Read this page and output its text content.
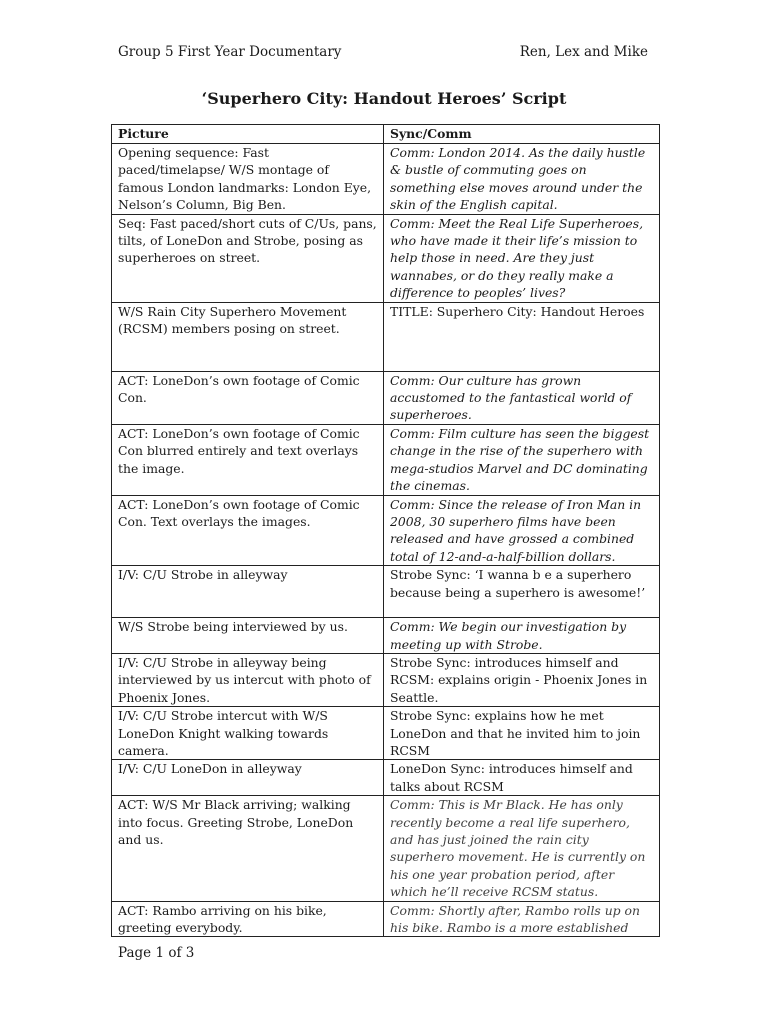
Group 5 First Year Documentary	Ren, Lex and Mike
‘Superhero City: Handout Heroes’ Script
Picture	Sync/Comm
Opening sequence: Fast paced/timelapse/ W/S montage of famous London landmarks: London Eye, Nelson’s Column, Big Ben.	Comm: London 2014. As the daily hustle & bustle of commuting goes on something else moves around under the skin of the English capital.
Seq: Fast paced/short cuts of C/Us, pans, tilts, of LoneDon and Strobe, posing as superheroes on street.	Comm: Meet the Real Life Superheroes, who have made it their life’s mission to help those in need. Are they just wannabes, or do they really make a difference to peoples’ lives?
W/S Rain City Superhero Movement (RCSM) members posing on street.	TITLE: Superhero City: Handout Heroes
ACT: LoneDon’s own footage of Comic Con.	Comm: Our culture has grown accustomed to the fantastical world of superheroes.
ACT: LoneDon’s own footage of Comic Con blurred entirely and text overlays the image.	Comm: Film culture has seen the biggest change in the rise of the superhero with mega-studios Marvel and DC dominating the cinemas.
ACT: LoneDon’s own footage of Comic Con. Text overlays the images.	Comm: Since the release of Iron Man in 2008, 30 superhero films have been released and have grossed a combined total of 12-and-a-half-billion dollars.
I/V: C/U Strobe in alleyway	Strobe Sync: ‘I wanna b e a superhero because being a superhero is awesome!’
W/S Strobe being interviewed by us.	Comm: We begin our investigation by meeting up with Strobe.
I/V: C/U Strobe in alleyway being interviewed by us intercut with photo of Phoenix Jones.	Strobe Sync: introduces himself and RCSM: explains origin - Phoenix Jones in Seattle.
I/V: C/U Strobe intercut with W/S LoneDon Knight walking towards camera.	Strobe Sync: explains how he met LoneDon and that he invited him to join RCSM
I/V: C/U LoneDon in alleyway	LoneDon Sync: introduces himself and talks about RCSM
ACT: W/S Mr Black arriving; walking into focus. Greeting Strobe, LoneDon and us.	Comm: This is Mr Black. He has only recently become a real life superhero, and has just joined the rain city superhero movement. He is currently on his one year probation period, after which he’ll receive RCSM status.
ACT: Rambo arriving on his bike, greeting everybody.	Comm: Shortly after, Rambo rolls up on his bike. Rambo is a more established
Page 1 of 3
